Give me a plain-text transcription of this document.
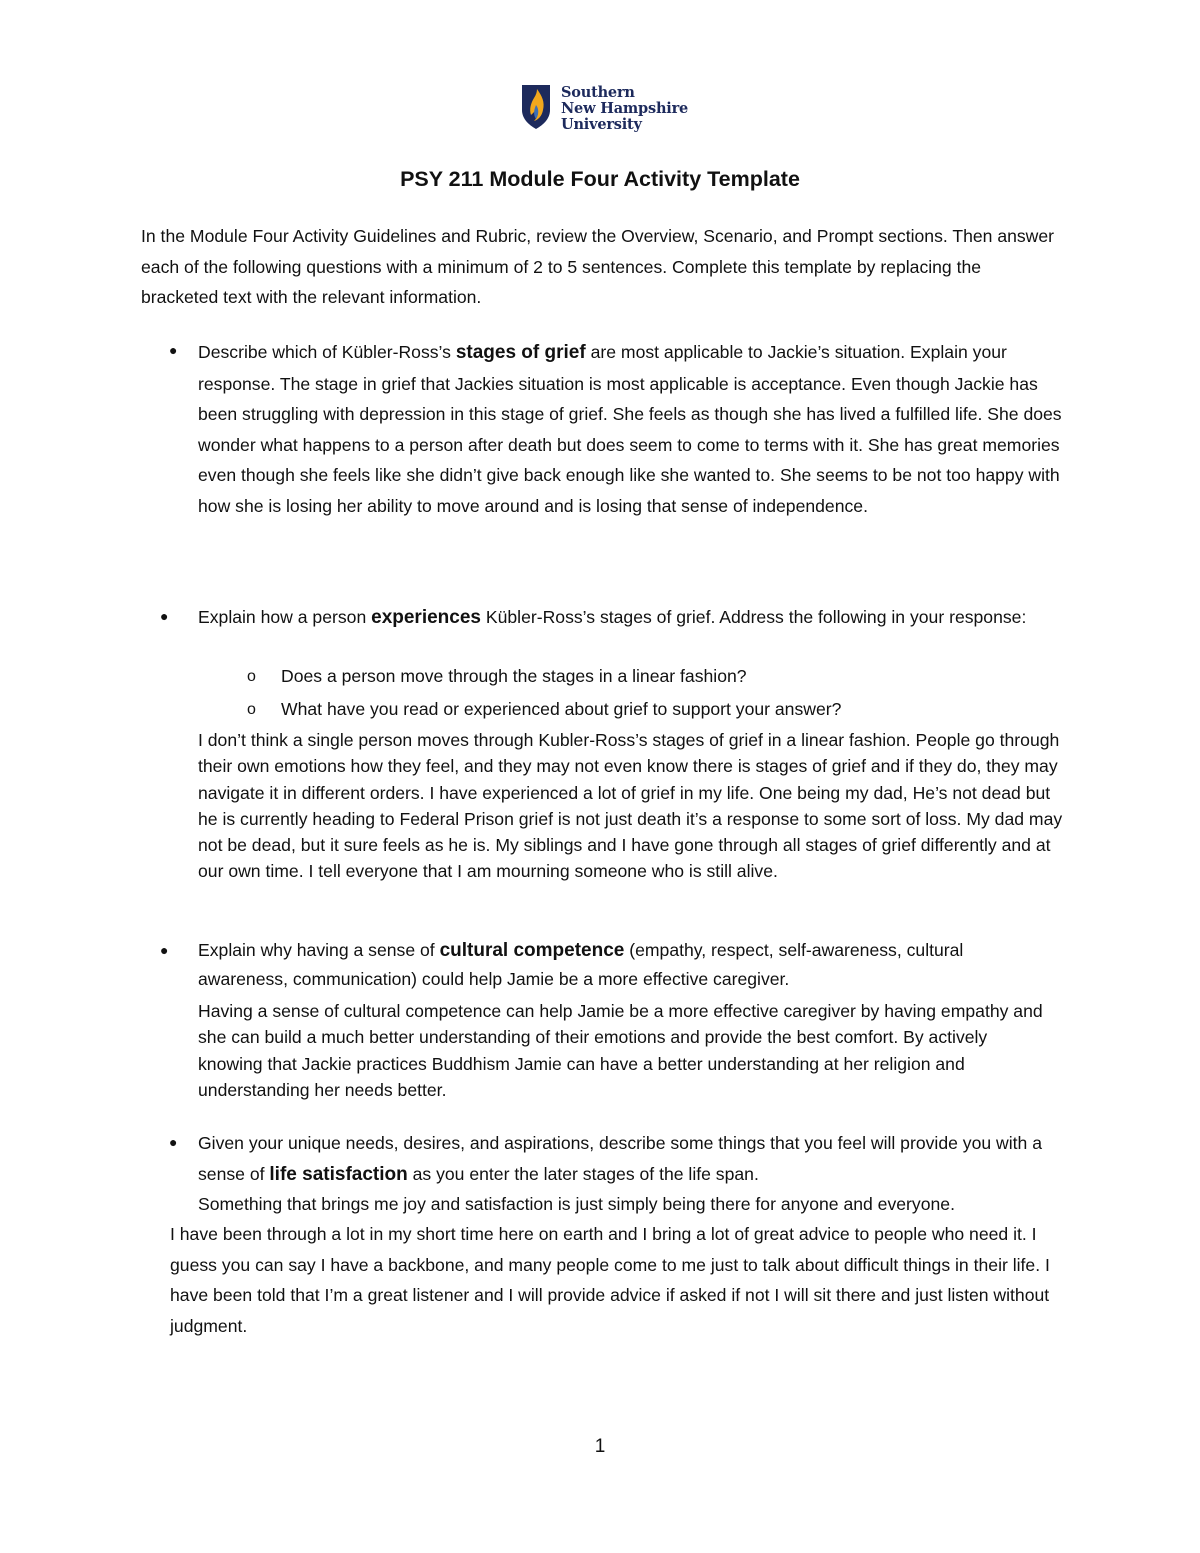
Southern
New Hampshire
University
PSY 211 Module Four Activity Template

In the Module Four Activity Guidelines and Rubric, review the Overview, Scenario, and Prompt sections. Then answer each of the following questions with a minimum of 2 to 5 sentences. Complete this template by replacing the bracketed text with the relevant information.

● Describe which of Kübler-Ross’s stages of grief are most applicable to Jackie’s situation. Explain your response. The stage in grief that Jackies situation is most applicable is acceptance. Even though Jackie has been struggling with depression in this stage of grief. She feels as though she has lived a fulfilled life. She does wonder what happens to a person after death but does seem to come to terms with it. She has great memories even though she feels like she didn’t give back enough like she wanted to. She seems to be not too happy with how she is losing her ability to move around and is losing that sense of independence.

● Explain how a person experiences Kübler-Ross’s stages of grief. Address the following in your response:

o Does a person move through the stages in a linear fashion?

o What have you read or experienced about grief to support your answer?

I don’t think a single person moves through Kubler-Ross’s stages of grief in a linear fashion. People go through their own emotions how they feel, and they may not even know there is stages of grief and if they do, they may navigate it in different orders. I have experienced a lot of grief in my life. One being my dad, He’s not dead but he is currently heading to Federal Prison grief is not just death it’s a response to some sort of loss. My dad may not be dead, but it sure feels as he is. My siblings and I have gone through all stages of grief differently and at our own time. I tell everyone that I am mourning someone who is still alive.

● Explain why having a sense of cultural competence (empathy, respect, self-awareness, cultural awareness, communication) could help Jamie be a more effective caregiver.

Having a sense of cultural competence can help Jamie be a more effective caregiver by having empathy and she can build a much better understanding of their emotions and provide the best comfort. By actively knowing that Jackie practices Buddhism Jamie can have a better understanding at her religion and understanding her needs better.

● Given your unique needs, desires, and aspirations, describe some things that you feel will provide you with a sense of life satisfaction as you enter the later stages of the life span.

Something that brings me joy and satisfaction is just simply being there for anyone and everyone.

I have been through a lot in my short time here on earth and I bring a lot of great advice to people who need it. I guess you can say I have a backbone, and many people come to me just to talk about difficult things in their life. I have been told that I’m a great listener and I will provide advice if asked if not I will sit there and just listen without judgment.

1
